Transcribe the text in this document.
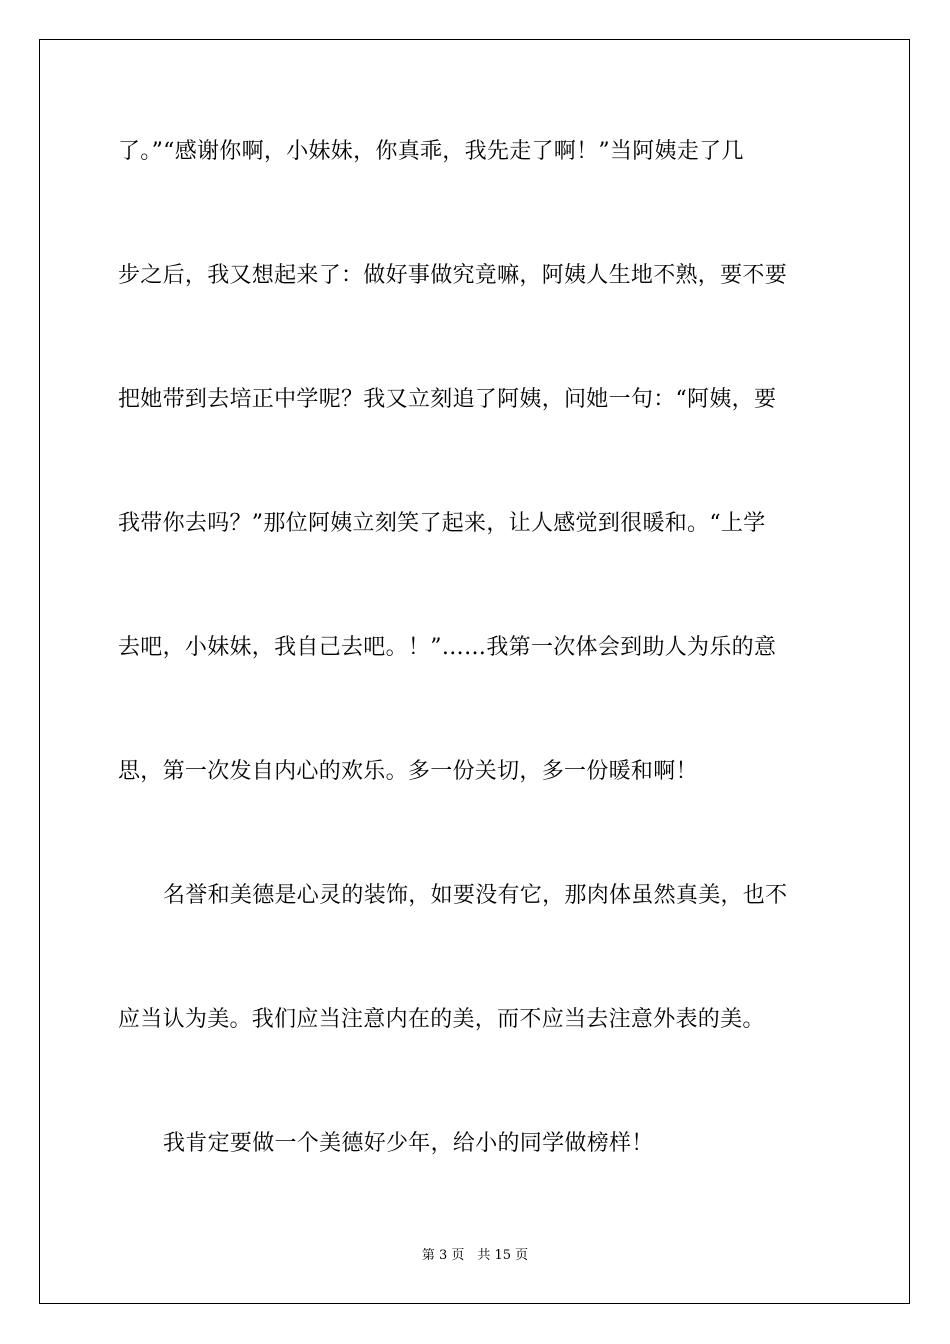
了。”“感谢你啊，小妹妹，你真乖，我先走了啊！”当阿姨走了几
步之后，我又想起来了：做好事做究竟嘛，阿姨人生地不熟，要不要
把她带到去培正中学呢？我又立刻追了阿姨，问她一句：“阿姨，要
我带你去吗？”那位阿姨立刻笑了起来，让人感觉到很暖和。“上学
去吧，小妹妹，我自己去吧。！”……我第一次体会到助人为乐的意
思，第一次发自内心的欢乐。多一份关切，多一份暖和啊！
名誉和美德是心灵的装饰，如要没有它，那肉体虽然真美，也不
应当认为美。我们应当注意内在的美，而不应当去注意外表的美。
我肯定要做一个美德好少年，给小的同学做榜样！
第 3 页　共 15 页
